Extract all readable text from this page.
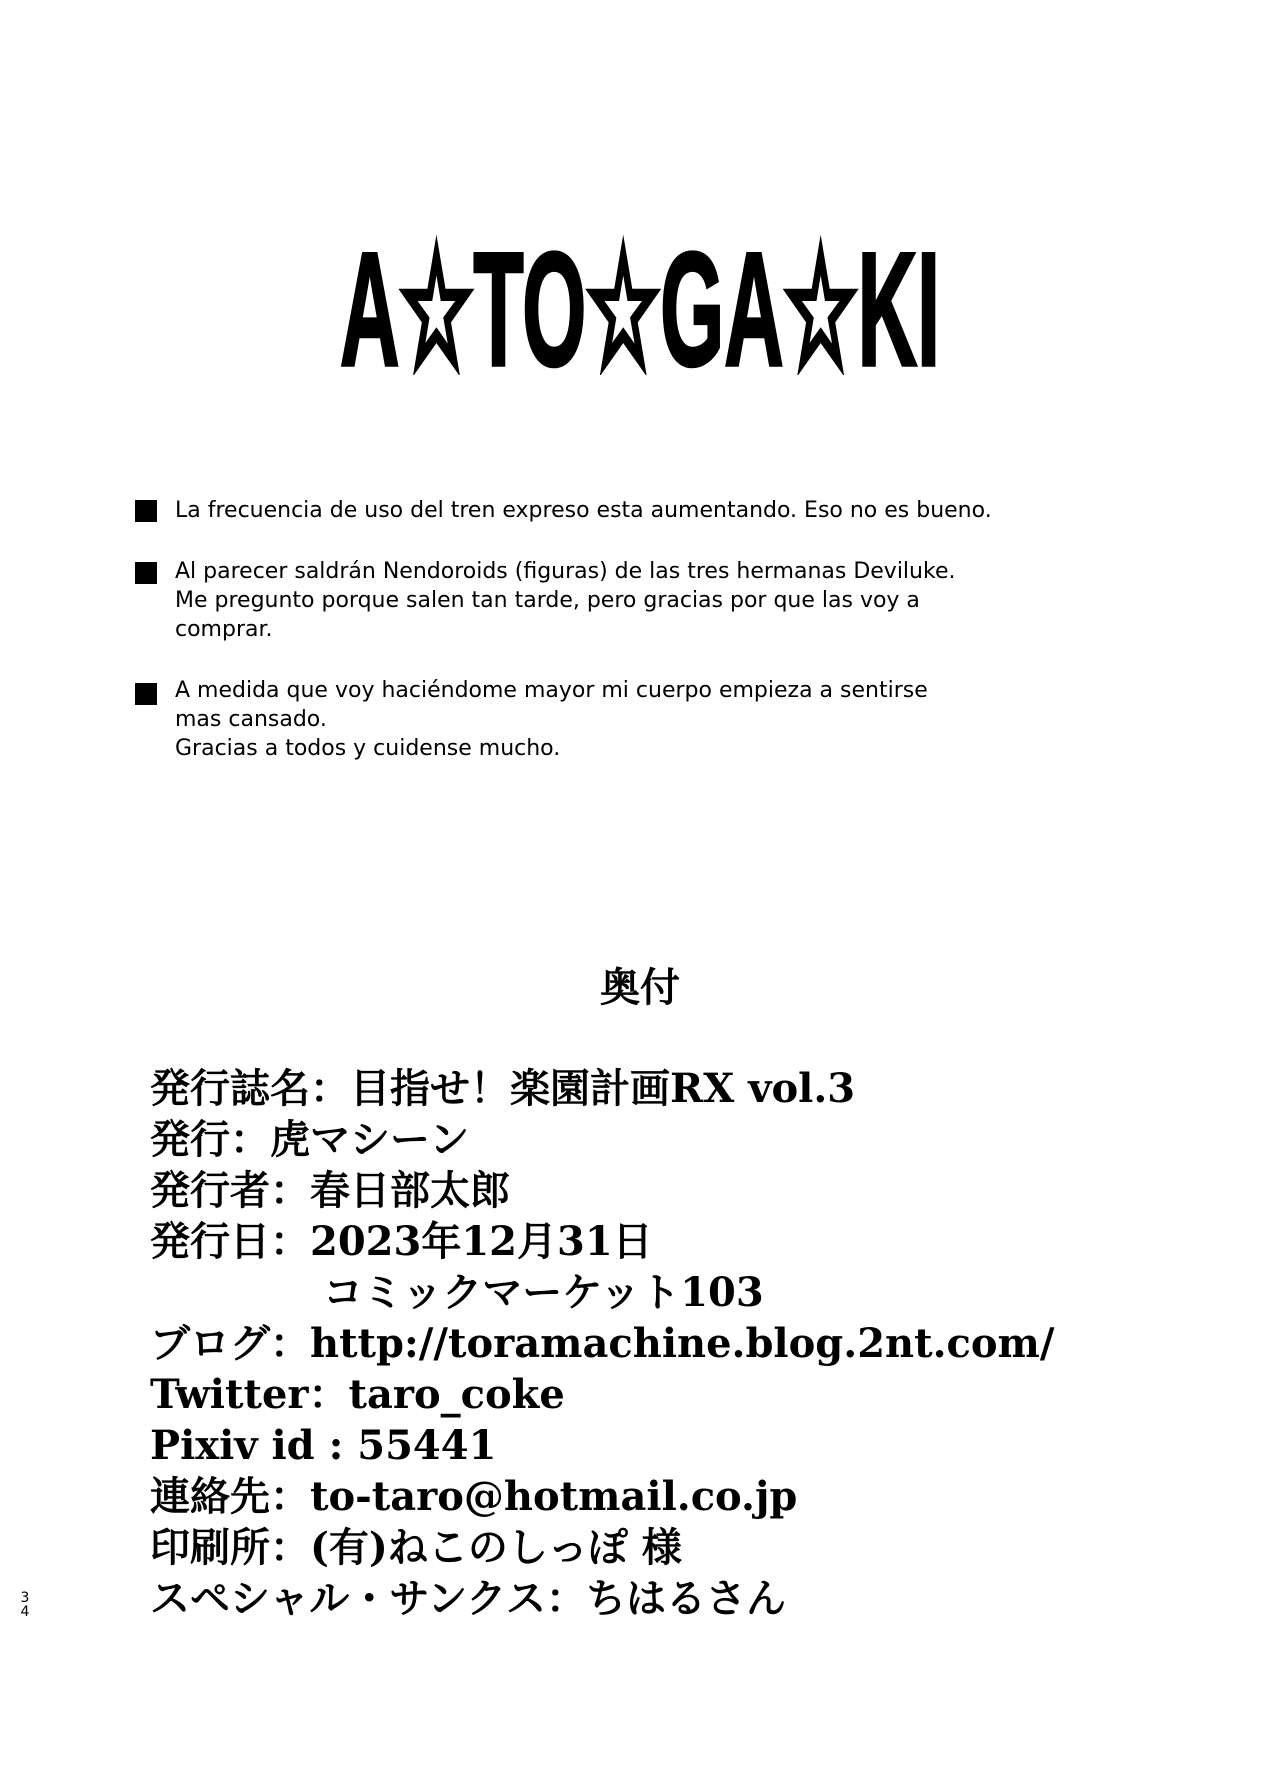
A☆TO☆GA☆KI
La frecuencia de uso del tren expreso esta aumentando. Eso no es bueno.
Al parecer saldrán Nendoroids (figuras) de las tres hermanas Deviluke.
Me pregunto porque salen tan tarde, pero gracias por que las voy a
comprar.
A medida que voy haciéndome mayor mi cuerpo empieza a sentirse
mas cansado.
Gracias a todos y cuidense mucho.
奥付
発行誌名：目指せ！楽園計画RX vol.3
発行：虎マシーン
発行者：春日部太郎
発行日：2023年12月31日
コミックマーケット103
ブログ：http://toramachine.blog.2nt.com/
Twitter：taro_coke
Pixiv id : 55441
連絡先：to-taro@hotmail.co.jp
印刷所：(有)ねこのしっぽ 様
スペシャル・サンクス：ちはるさん
34
